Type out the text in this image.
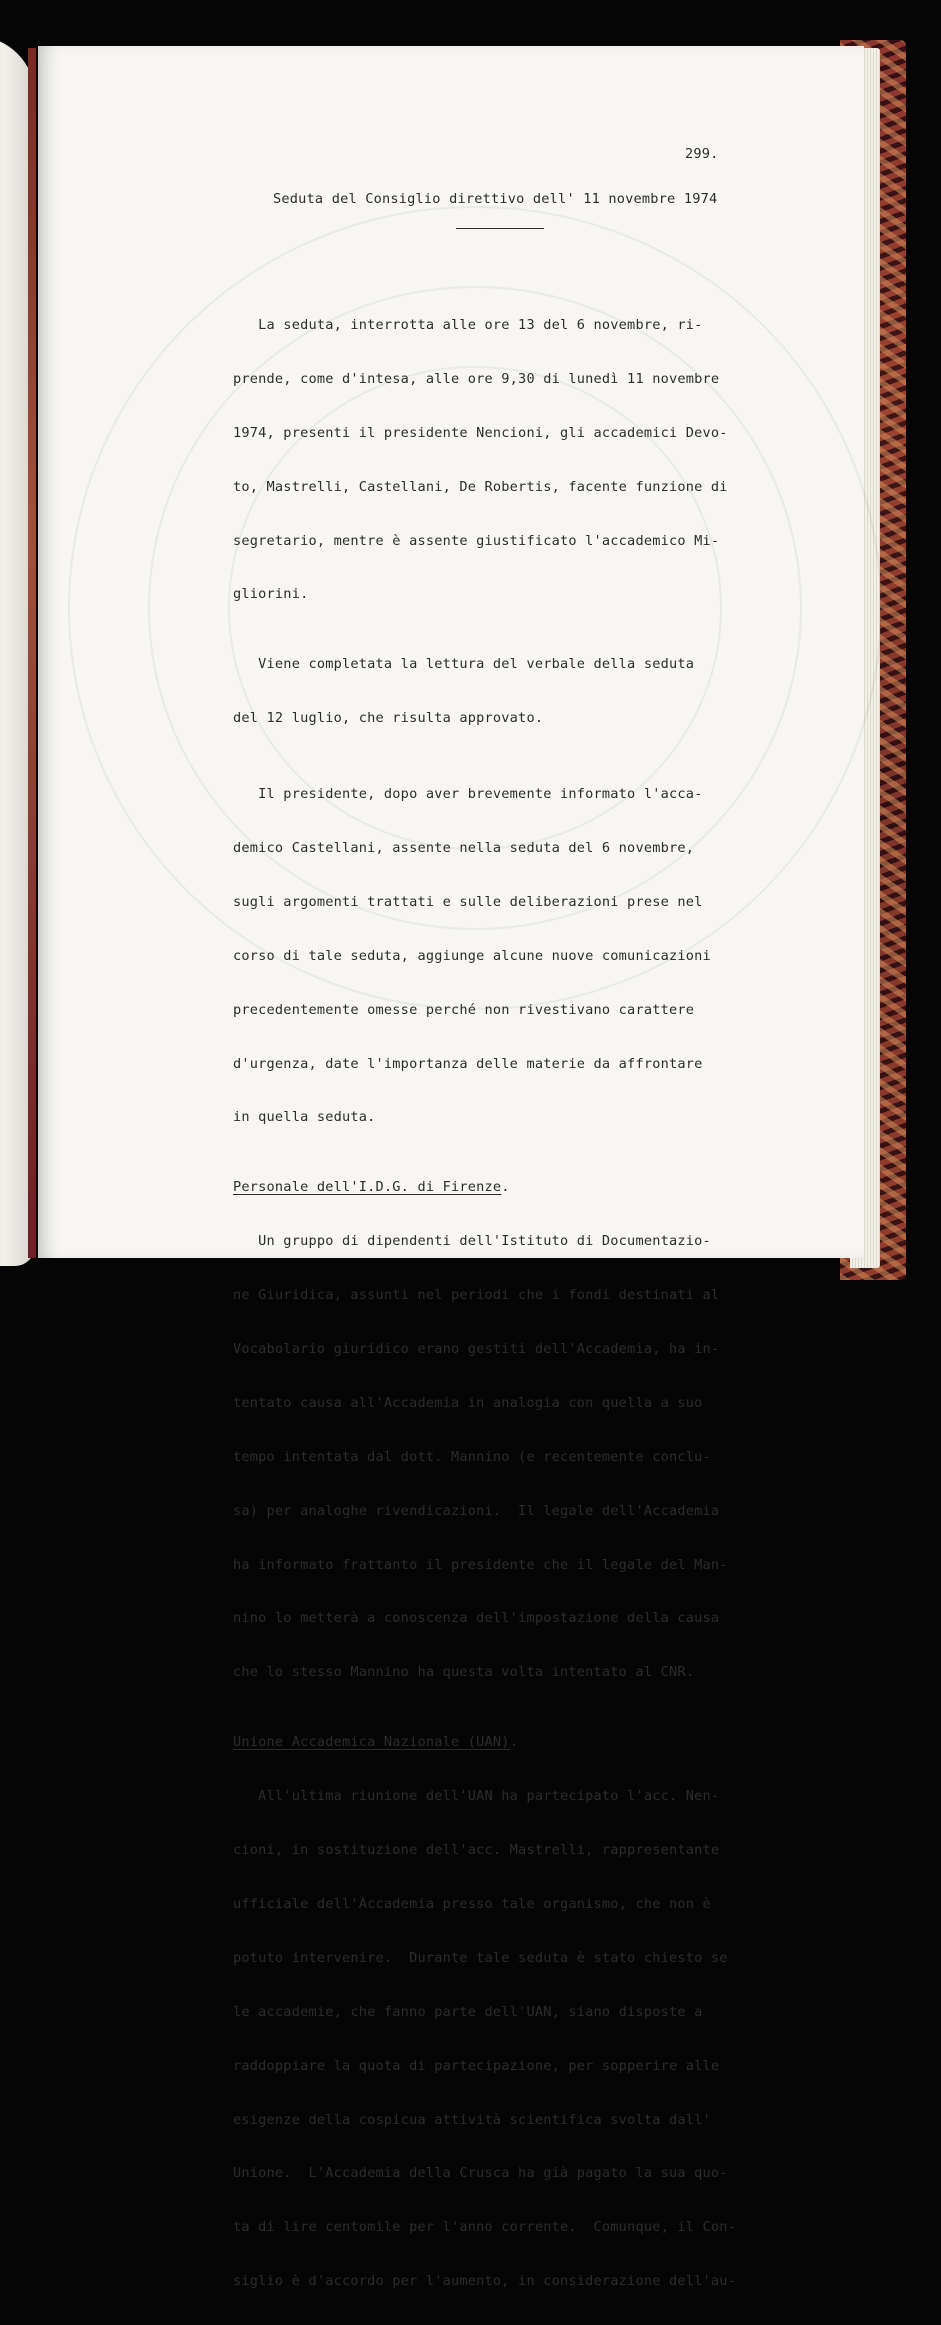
299.
Seduta del Consiglio direttivo dell' 11 novembre 1974

La seduta, interrotta alle ore 13 del 6 novembre, ri-

prende, come d'intesa, alle ore 9,30 di lunedì 11 novembre

1974, presenti il presidente Nencioni, gli accademici Devo-

to, Mastrelli, Castellani, De Robertis, facente funzione di

segretario, mentre è assente giustificato l'accademico Mi-

gliorini.

Viene completata la lettura del verbale della seduta

del 12 luglio, che risulta approvato.

Il presidente, dopo aver brevemente informato l'acca-

demico Castellani, assente nella seduta del 6 novembre,

sugli argomenti trattati e sulle deliberazioni prese nel

corso di tale seduta, aggiunge alcune nuove comunicazioni

precedentemente omesse perché non rivestivano carattere

d'urgenza, date l'importanza delle materie da affrontare

in quella seduta.

Personale dell'I.D.G. di Firenze.

Un gruppo di dipendenti dell'Istituto di Documentazio-

ne Giuridica, assunti nel periodi che i fondi destinati al

Vocabolario giuridico erano gestiti dell'Accademia, ha in-

tentato causa all'Accademia in analogia con quella a suo

tempo intentata dal dott. Mannino (e recentemente conclu-

sa) per analoghe rivendicazioni.  Il legale dell'Accademia

ha informato frattanto il presidente che il legale del Man-

nino lo metterà a conoscenza dell'impostazione della causa

che lo stesso Mannino ha questa volta intentato al CNR.

Unione Accademica Nazionale (UAN).

All'ultima riunione dell'UAN ha partecipato l'acc. Nen-

cioni, in sostituzione dell'acc. Mastrelli, rappresentante

ufficiale dell'Accademia presso tale organismo, che non è

potuto intervenire.  Durante tale seduta è stato chiesto se

le accademie, che fanno parte dell'UAN, siano disposte a

raddoppiare la quota di partecipazione, per sopperire alle

esigenze della cospicua attività scientifica svolta dall'

Unione.  L'Accademia della Crusca ha già pagato la sua quo-

ta di lire centomile per l'anno corrente.  Comunque, il Con-

siglio è d'accordo per l'aumento, in considerazione dell'au-
